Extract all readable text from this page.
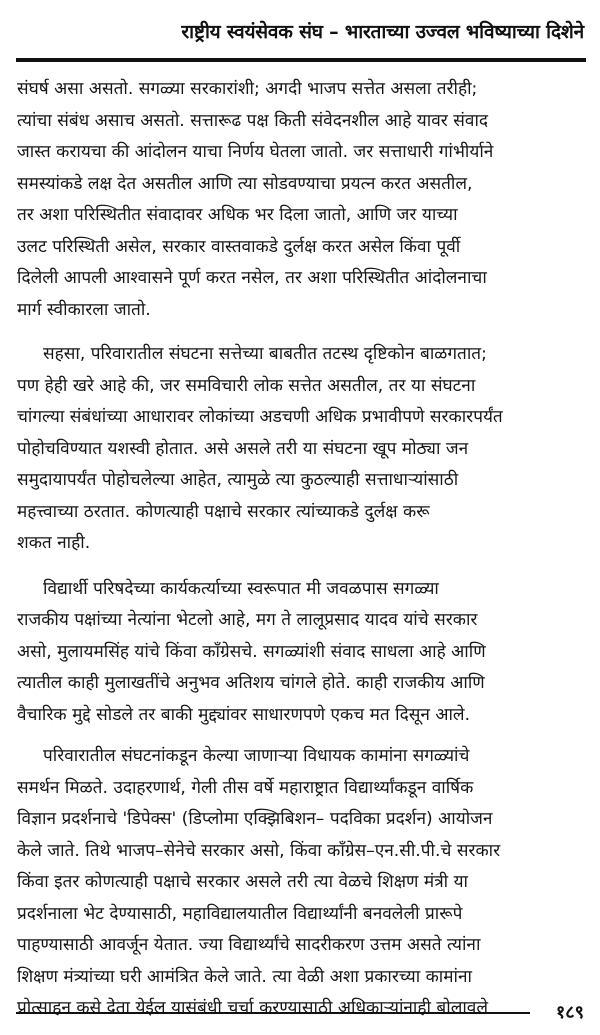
राष्ट्रीय स्वयंसेवक संघ – भारताच्या उज्वल भविष्याच्या दिशेने
संघर्ष असा असतो. सगळ्या सरकारांशी; अगदी भाजप सत्तेत असला तरीही;
त्यांचा संबंध असाच असतो. सत्तारूढ पक्ष किती संवेदनशील आहे यावर संवाद
जास्त करायचा की आंदोलन याचा निर्णय घेतला जातो. जर सत्ताधारी गांभीर्याने
समस्यांकडे लक्ष देत असतील आणि त्या सोडवण्याचा प्रयत्न करत असतील,
तर अशा परिस्थितीत संवादावर अधिक भर दिला जातो, आणि जर याच्या
उलट परिस्थिती असेल, सरकार वास्तवाकडे दुर्लक्ष करत असेल किंवा पूर्वी
दिलेली आपली आश्वासने पूर्ण करत नसेल, तर अशा परिस्थितीत आंदोलनाचा
मार्ग स्वीकारला जातो.
सहसा, परिवारातील संघटना सत्तेच्या बाबतीत तटस्थ दृष्टिकोन बाळगतात;
पण हेही खरे आहे की, जर समविचारी लोक सत्तेत असतील, तर या संघटना
चांगल्या संबंधांच्या आधारावर लोकांच्या अडचणी अधिक प्रभावीपणे सरकारपर्यंत
पोहोचविण्यात यशस्वी होतात. असे असले तरी या संघटना खूप मोठ्या जन
समुदायापर्यंत पोहोचलेल्या आहेत, त्यामुळे त्या कुठल्याही सत्ताधाऱ्यांसाठी
महत्त्वाच्या ठरतात. कोणत्याही पक्षाचे सरकार त्यांच्याकडे दुर्लक्ष करू
शकत नाही.
विद्यार्थी परिषदेच्या कार्यकर्त्याच्या स्वरूपात मी जवळपास सगळ्या
राजकीय पक्षांच्या नेत्यांना भेटलो आहे, मग ते लालूप्रसाद यादव यांचे सरकार
असो, मुलायमसिंह यांचे किंवा काँग्रेसचे. सगळ्यांशी संवाद साधला आहे आणि
त्यातील काही मुलाखतींचे अनुभव अतिशय चांगले होते. काही राजकीय आणि
वैचारिक मुद्दे सोडले तर बाकी मुद्द्यांवर साधारणपणे एकच मत दिसून आले.
परिवारातील संघटनांकडून केल्या जाणाऱ्या विधायक कामांना सगळ्यांचे
समर्थन मिळते. उदाहरणार्थ, गेली तीस वर्षे महाराष्ट्रात विद्यार्थ्यांकडून वार्षिक
विज्ञान प्रदर्शनाचे 'डिपेक्स' (डिप्लोमा एक्झिबिशन– पदविका प्रदर्शन) आयोजन
केले जाते. तिथे भाजप–सेनेचे सरकार असो, किंवा काँग्रेस–एन.सी.पी.चे सरकार
किंवा इतर कोणत्याही पक्षाचे सरकार असले तरी त्या वेळचे शिक्षण मंत्री या
प्रदर्शनाला भेट देण्यासाठी, महाविद्यालयातील विद्यार्थ्यांनी बनवलेली प्रारूपे
पाहण्यासाठी आवर्जून येतात. ज्या विद्यार्थ्यांचे सादरीकरण उत्तम असते त्यांना
शिक्षण मंत्र्यांच्या घरी आमंत्रित केले जाते. त्या वेळी अशा प्रकारच्या कामांना
प्रोत्साहन कसे देता येईल यासंबंधी चर्चा करण्यासाठी अधिकाऱ्यांनाही बोलावले	१८९
